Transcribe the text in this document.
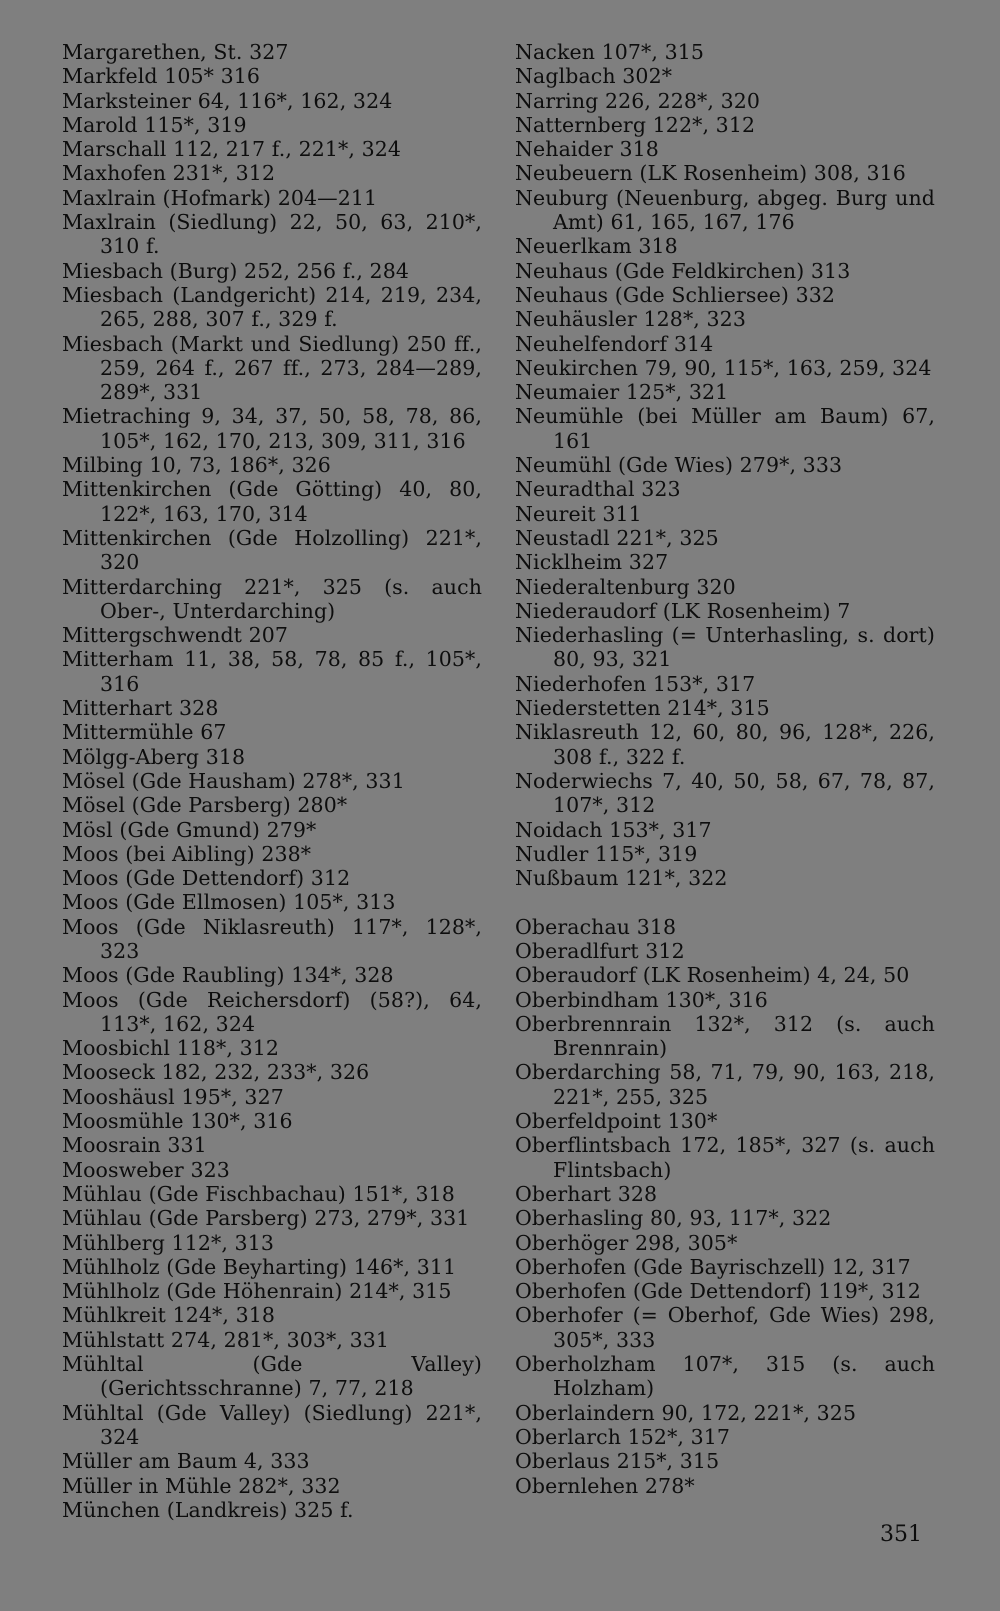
Margarethen, St. 327
Markfeld 105* 316
Marksteiner 64, 116*, 162, 324
Marold 115*, 319
Marschall 112, 217 f., 221*, 324
Maxhofen 231*, 312
Maxlrain (Hofmark) 204—211
Maxlrain (Siedlung) 22, 50, 63, 210*, 310 f.
Miesbach (Burg) 252, 256 f., 284
Miesbach (Landgericht) 214, 219, 234, 265, 288, 307 f., 329 f.
Miesbach (Markt und Siedlung) 250 ff., 259, 264 f., 267 ff., 273, 284—289, 289*, 331
Mietraching 9, 34, 37, 50, 58, 78, 86, 105*, 162, 170, 213, 309, 311, 316
Milbing 10, 73, 186*, 326
Mittenkirchen (Gde Götting) 40, 80, 122*, 163, 170, 314
Mittenkirchen (Gde Holzolling) 221*, 320
Mitterdarching 221*, 325 (s. auch Ober-, Unterdarching)
Mittergschwendt 207
Mitterham 11, 38, 58, 78, 85 f., 105*, 316
Mitterhart 328
Mittermühle 67
Mölgg-Aberg 318
Mösel (Gde Hausham) 278*, 331
Mösel (Gde Parsberg) 280*
Mösl (Gde Gmund) 279*
Moos (bei Aibling) 238*
Moos (Gde Dettendorf) 312
Moos (Gde Ellmosen) 105*, 313
Moos (Gde Niklasreuth) 117*, 128*, 323
Moos (Gde Raubling) 134*, 328
Moos (Gde Reichersdorf) (58?), 64, 113*, 162, 324
Moosbichl 118*, 312
Mooseck 182, 232, 233*, 326
Mooshäusl 195*, 327
Moosmühle 130*, 316
Moosrain 331
Moosweber 323
Mühlau (Gde Fischbachau) 151*, 318
Mühlau (Gde Parsberg) 273, 279*, 331
Mühlberg 112*, 313
Mühlholz (Gde Beyharting) 146*, 311
Mühlholz (Gde Höhenrain) 214*, 315
Mühlkreit 124*, 318
Mühlstatt 274, 281*, 303*, 331
Mühltal (Gde Valley) (Gerichtsschranne) 7, 77, 218
Mühltal (Gde Valley) (Siedlung) 221*, 324
Müller am Baum 4, 333
Müller in Mühle 282*, 332
München (Landkreis) 325 f.
Nacken 107*, 315
Naglbach 302*
Narring 226, 228*, 320
Natternberg 122*, 312
Nehaider 318
Neubeuern (LK Rosenheim) 308, 316
Neuburg (Neuenburg, abgeg. Burg und Amt) 61, 165, 167, 176
Neuerlkam 318
Neuhaus (Gde Feldkirchen) 313
Neuhaus (Gde Schliersee) 332
Neuhäusler 128*, 323
Neuhelfendorf 314
Neukirchen 79, 90, 115*, 163, 259, 324
Neumaier 125*, 321
Neumühle (bei Müller am Baum) 67, 161
Neumühl (Gde Wies) 279*, 333
Neuradthal 323
Neureit 311
Neustadl 221*, 325
Nicklheim 327
Niederaltenburg 320
Niederaudorf (LK Rosenheim) 7
Niederhasling (= Unterhasling, s. dort) 80, 93, 321
Niederhofen 153*, 317
Niederstetten 214*, 315
Niklasreuth 12, 60, 80, 96, 128*, 226, 308 f., 322 f.
Noderwiechs 7, 40, 50, 58, 67, 78, 87, 107*, 312
Noidach 153*, 317
Nudler 115*, 319
Nußbaum 121*, 322
Oberachau 318
Oberadlfurt 312
Oberaudorf (LK Rosenheim) 4, 24, 50
Oberbindham 130*, 316
Oberbrennrain 132*, 312 (s. auch Brennrain)
Oberdarching 58, 71, 79, 90, 163, 218, 221*, 255, 325
Oberfeldpoint 130*
Oberflintsbach 172, 185*, 327 (s. auch Flintsbach)
Oberhart 328
Oberhasling 80, 93, 117*, 322
Oberhöger 298, 305*
Oberhofen (Gde Bayrischzell) 12, 317
Oberhofen (Gde Dettendorf) 119*, 312
Oberhofer (= Oberhof, Gde Wies) 298, 305*, 333
Oberholzham 107*, 315 (s. auch Holzham)
Oberlaindern 90, 172, 221*, 325
Oberlarch 152*, 317
Oberlaus 215*, 315
Obernlehen 278*
351
